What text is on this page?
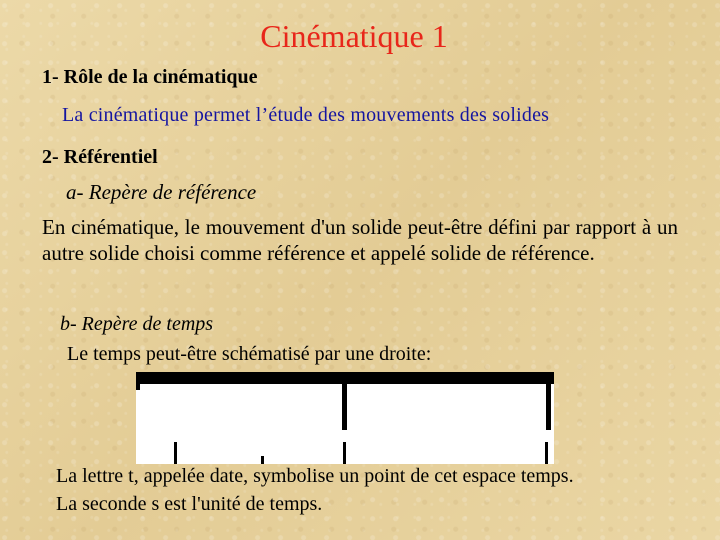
Cinématique 1
1- Rôle de la cinématique
La cinématique permet l’étude des mouvements des solides
2- Référentiel
a- Repère de référence
En cinématique, le mouvement d'un solide peut-être défini par rapport à un autre solide choisi comme référence et appelé solide de référence.
b- Repère de temps
Le temps peut-être schématisé par une droite:
La lettre t, appelée date, symbolise un point de cet espace temps.
La seconde s est l'unité de temps.
